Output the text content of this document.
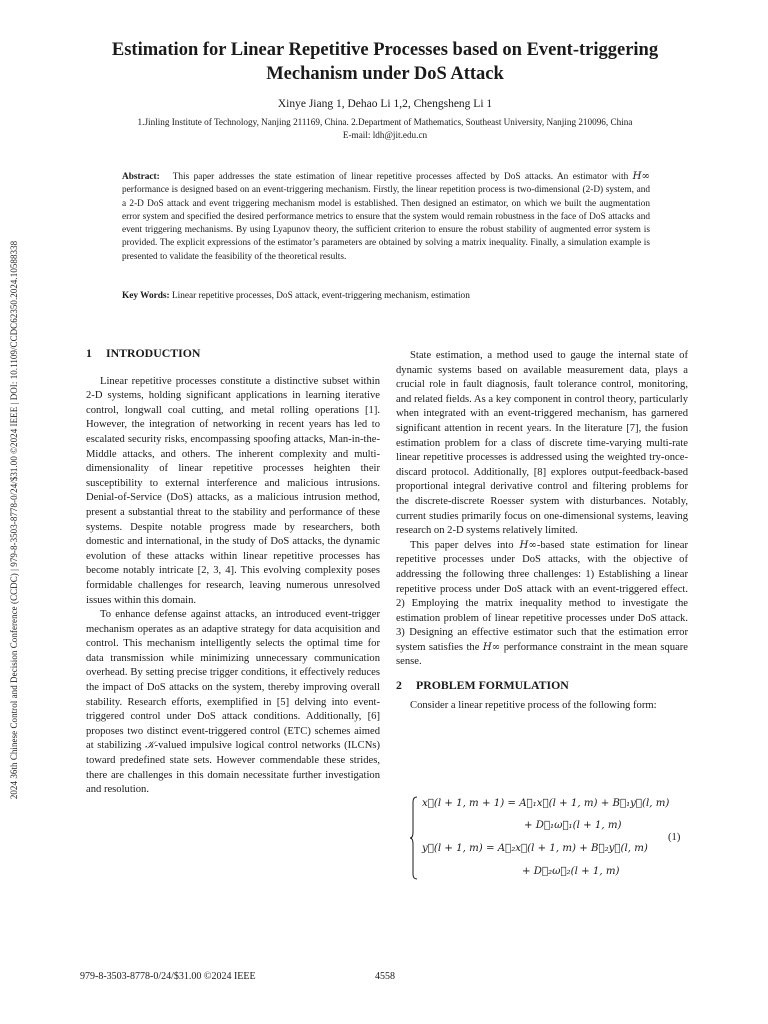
2024 36th Chinese Control and Decision Conference (CCDC) | 979-8-3503-8778-0/24/$31.00 ©2024 IEEE | DOI: 10.1109/CCDC62350.2024.10588338
Estimation for Linear Repetitive Processes based on Event-triggering
Mechanism under DoS Attack
Xinye Jiang 1, Dehao Li 1,2, Chengsheng Li 1
1.Jinling Institute of Technology, Nanjing 211169, China. 2.Department of Mathematics, Southeast University, Nanjing 210096, China
E-mail: ldh@jit.edu.cn
Abstract: This paper addresses the state estimation of linear repetitive processes affected by DoS attacks. An estimator with H∞ performance is designed based on an event-triggering mechanism. Firstly, the linear repetition process is two-dimensional (2-D) system, and a 2-D DoS attack and event triggering mechanism model is established. Then designed an estimator, on which we built the augmentation error system and specified the desired performance metrics to ensure that the system would remain robustness in the face of DoS attacks and event triggering mechanisms. By using Lyapunov theory, the sufficient criterion to ensure the robust stability of augmented error system is provided. The explicit expressions of the estimator’s parameters are obtained by solving a matrix inequality. Finally, a simulation example is presented to validate the feasibility of the theoretical results.
Key Words: Linear repetitive processes, DoS attack, event-triggering mechanism, estimation
1 INTRODUCTION

Linear repetitive processes constitute a distinctive subset within 2-D systems, holding significant applications in learning iterative control, longwall coal cutting, and metal rolling operations [1]. However, the integration of networking in recent years has led to escalated security risks, encompassing spoofing attacks, Man-in-the-Middle attacks, and others. The inherent complexity and multi-dimensionality of linear repetitive processes heighten their susceptibility to external interference and malicious intrusions. Denial-of-Service (DoS) attacks, as a malicious intrusion method, present a substantial threat to the stability and performance of these systems. Despite notable progress made by researchers, both domestic and international, in the study of DoS attacks, the dynamic evolution of these attacks within linear repetitive processes has become notably intricate [2, 3, 4]. This evolving complexity poses formidable challenges for research, leaving numerous unresolved issues within this domain.

To enhance defense against attacks, an introduced event-trigger mechanism operates as an adaptive strategy for data acquisition and control. This mechanism intelligently selects the optimal time for data transmission while minimizing unnecessary communication overhead. By setting precise trigger conditions, it effectively reduces the impact of DoS attacks on the system, thereby improving overall stability. Research efforts, exemplified in [5] delving into event-triggered control under DoS attack conditions. Additionally, [6] proposes two distinct event-triggered control (ETC) schemes aimed at stabilizing 𝒦-valued impulsive logical control networks (ILCNs) toward predefined state sets. However commendable these strides, there are challenges in this domain necessitate further investigation and resolution.

State estimation, a method used to gauge the internal state of dynamic systems based on available measurement data, plays a crucial role in fault diagnosis, fault tolerance control, monitoring, and related fields. As a key component in control theory, particularly when integrated with an event-triggered mechanism, has garnered significant attention in recent years. In the literature [7], the fusion estimation problem for a class of discrete time-varying multi-rate linear repetitive processes is addressed using the weighted try-once-discard protocol. Additionally, [8] explores output-feedback-based proportional integral derivative control and filtering problems for the discrete-discrete Roesser system with disturbances. Notably, current studies primarily focus on one-dimensional systems, leaving research on 2-D systems relatively limited.

This paper delves into H∞-based state estimation for linear repetitive processes under DoS attacks, with the objective of addressing the following three challenges: 1) Establishing a linear repetitive process under DoS attack with an event-triggered effect. 2) Employing the matrix inequality method to investigate the estimation problem of linear repetitive processes under DoS attack. 3) Designing an effective estimator such that the estimation error system satisfies the H∞ performance constraint in the mean square sense.

2 PROBLEM FORMULATION

Consider a linear repetitive process of the following form:

x⃗(l + 1, m + 1) = A⃗₁x⃗(l + 1, m) + B⃗₁y⃗(l, m)
+ D⃗₁ω⃗₁(l + 1, m)
y⃗(l + 1, m) = A⃗₂x⃗(l + 1, m) + B⃗₂y⃗(l, m)
+ D⃗₂ω⃗₂(l + 1, m)
(1)
979-8-3503-8778-0/24/$31.00 ©2024 IEEE	4558
